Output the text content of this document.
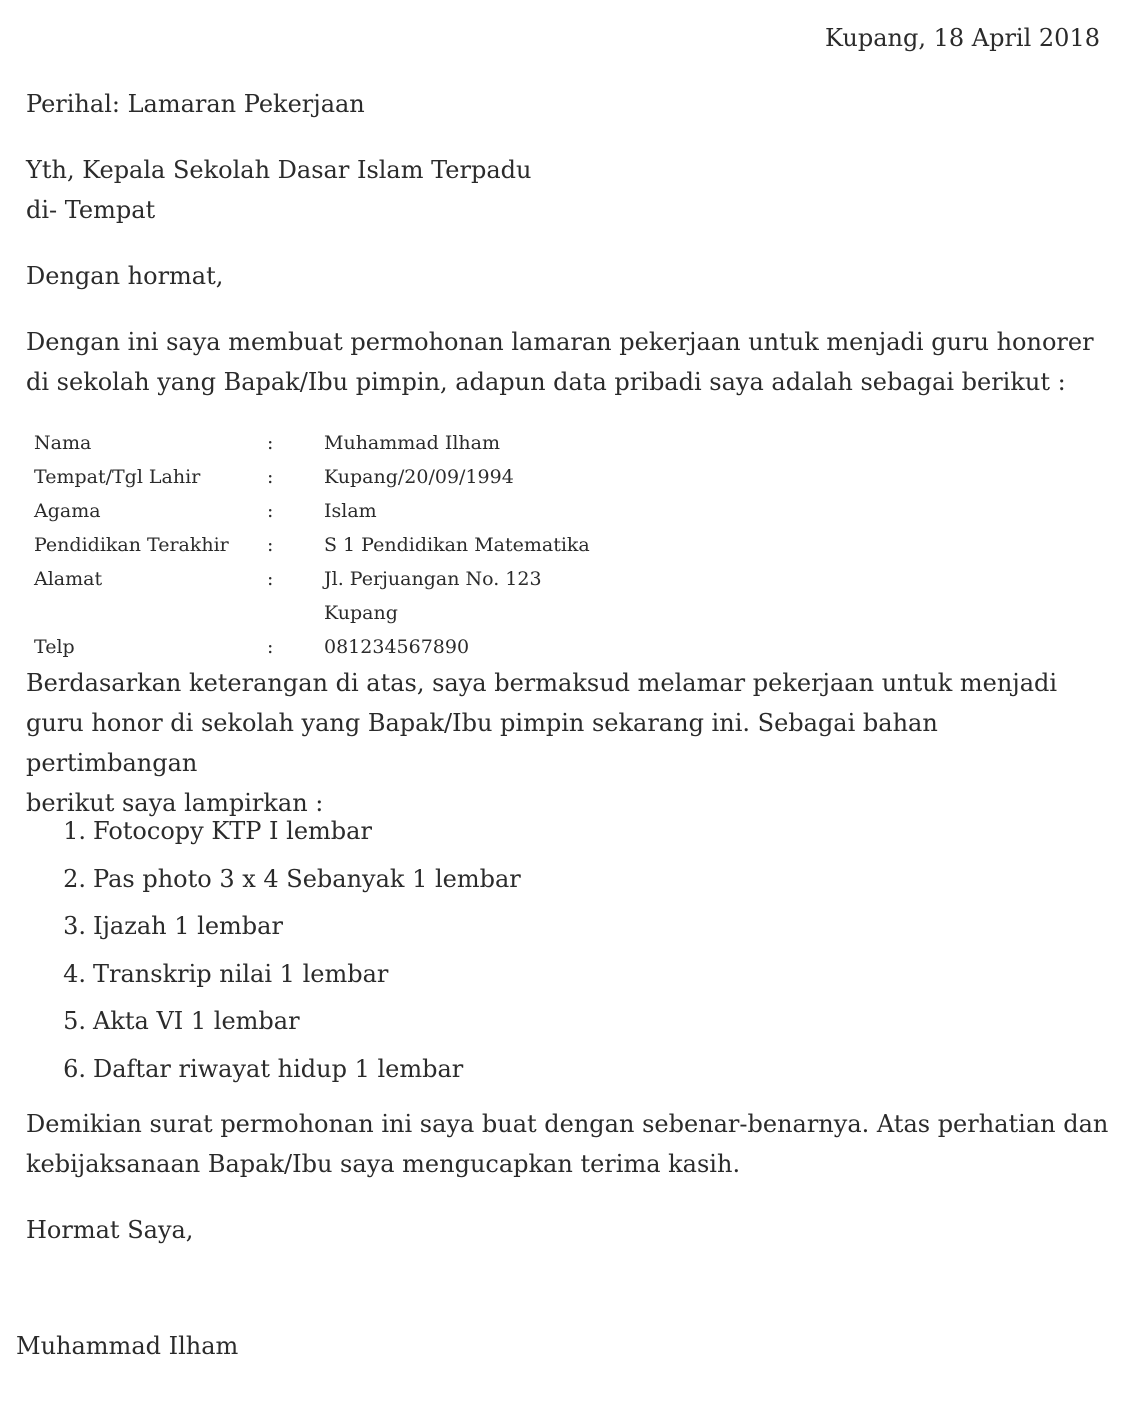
Kupang, 18 April 2018
Perihal: Lamaran Pekerjaan
Yth, Kepala Sekolah Dasar Islam Terpadu
di- Tempat
Dengan hormat,
Dengan ini saya membuat permohonan lamaran pekerjaan untuk menjadi guru honorer
di sekolah yang Bapak/Ibu pimpin, adapun data pribadi saya adalah sebagai berikut :
Nama	:	Muhammad Ilham
Tempat/Tgl Lahir	:	Kupang/20/09/1994
Agama	:	Islam
Pendidikan Terakhir	:	S 1 Pendidikan Matematika
Alamat	:	Jl. Perjuangan No. 123
		Kupang
Telp	:	081234567890
Berdasarkan keterangan di atas, saya bermaksud melamar pekerjaan untuk menjadi
guru honor di sekolah yang Bapak/Ibu pimpin sekarang ini. Sebagai bahan pertimbangan
berikut saya lampirkan :
1. Fotocopy KTP I lembar
2. Pas photo 3 x 4 Sebanyak 1 lembar
3. Ijazah 1 lembar
4. Transkrip nilai 1 lembar
5. Akta VI 1 lembar
6. Daftar riwayat hidup 1 lembar
Demikian surat permohonan ini saya buat dengan sebenar-benarnya. Atas perhatian dan
kebijaksanaan Bapak/Ibu saya mengucapkan terima kasih.
Hormat Saya,
Muhammad Ilham
